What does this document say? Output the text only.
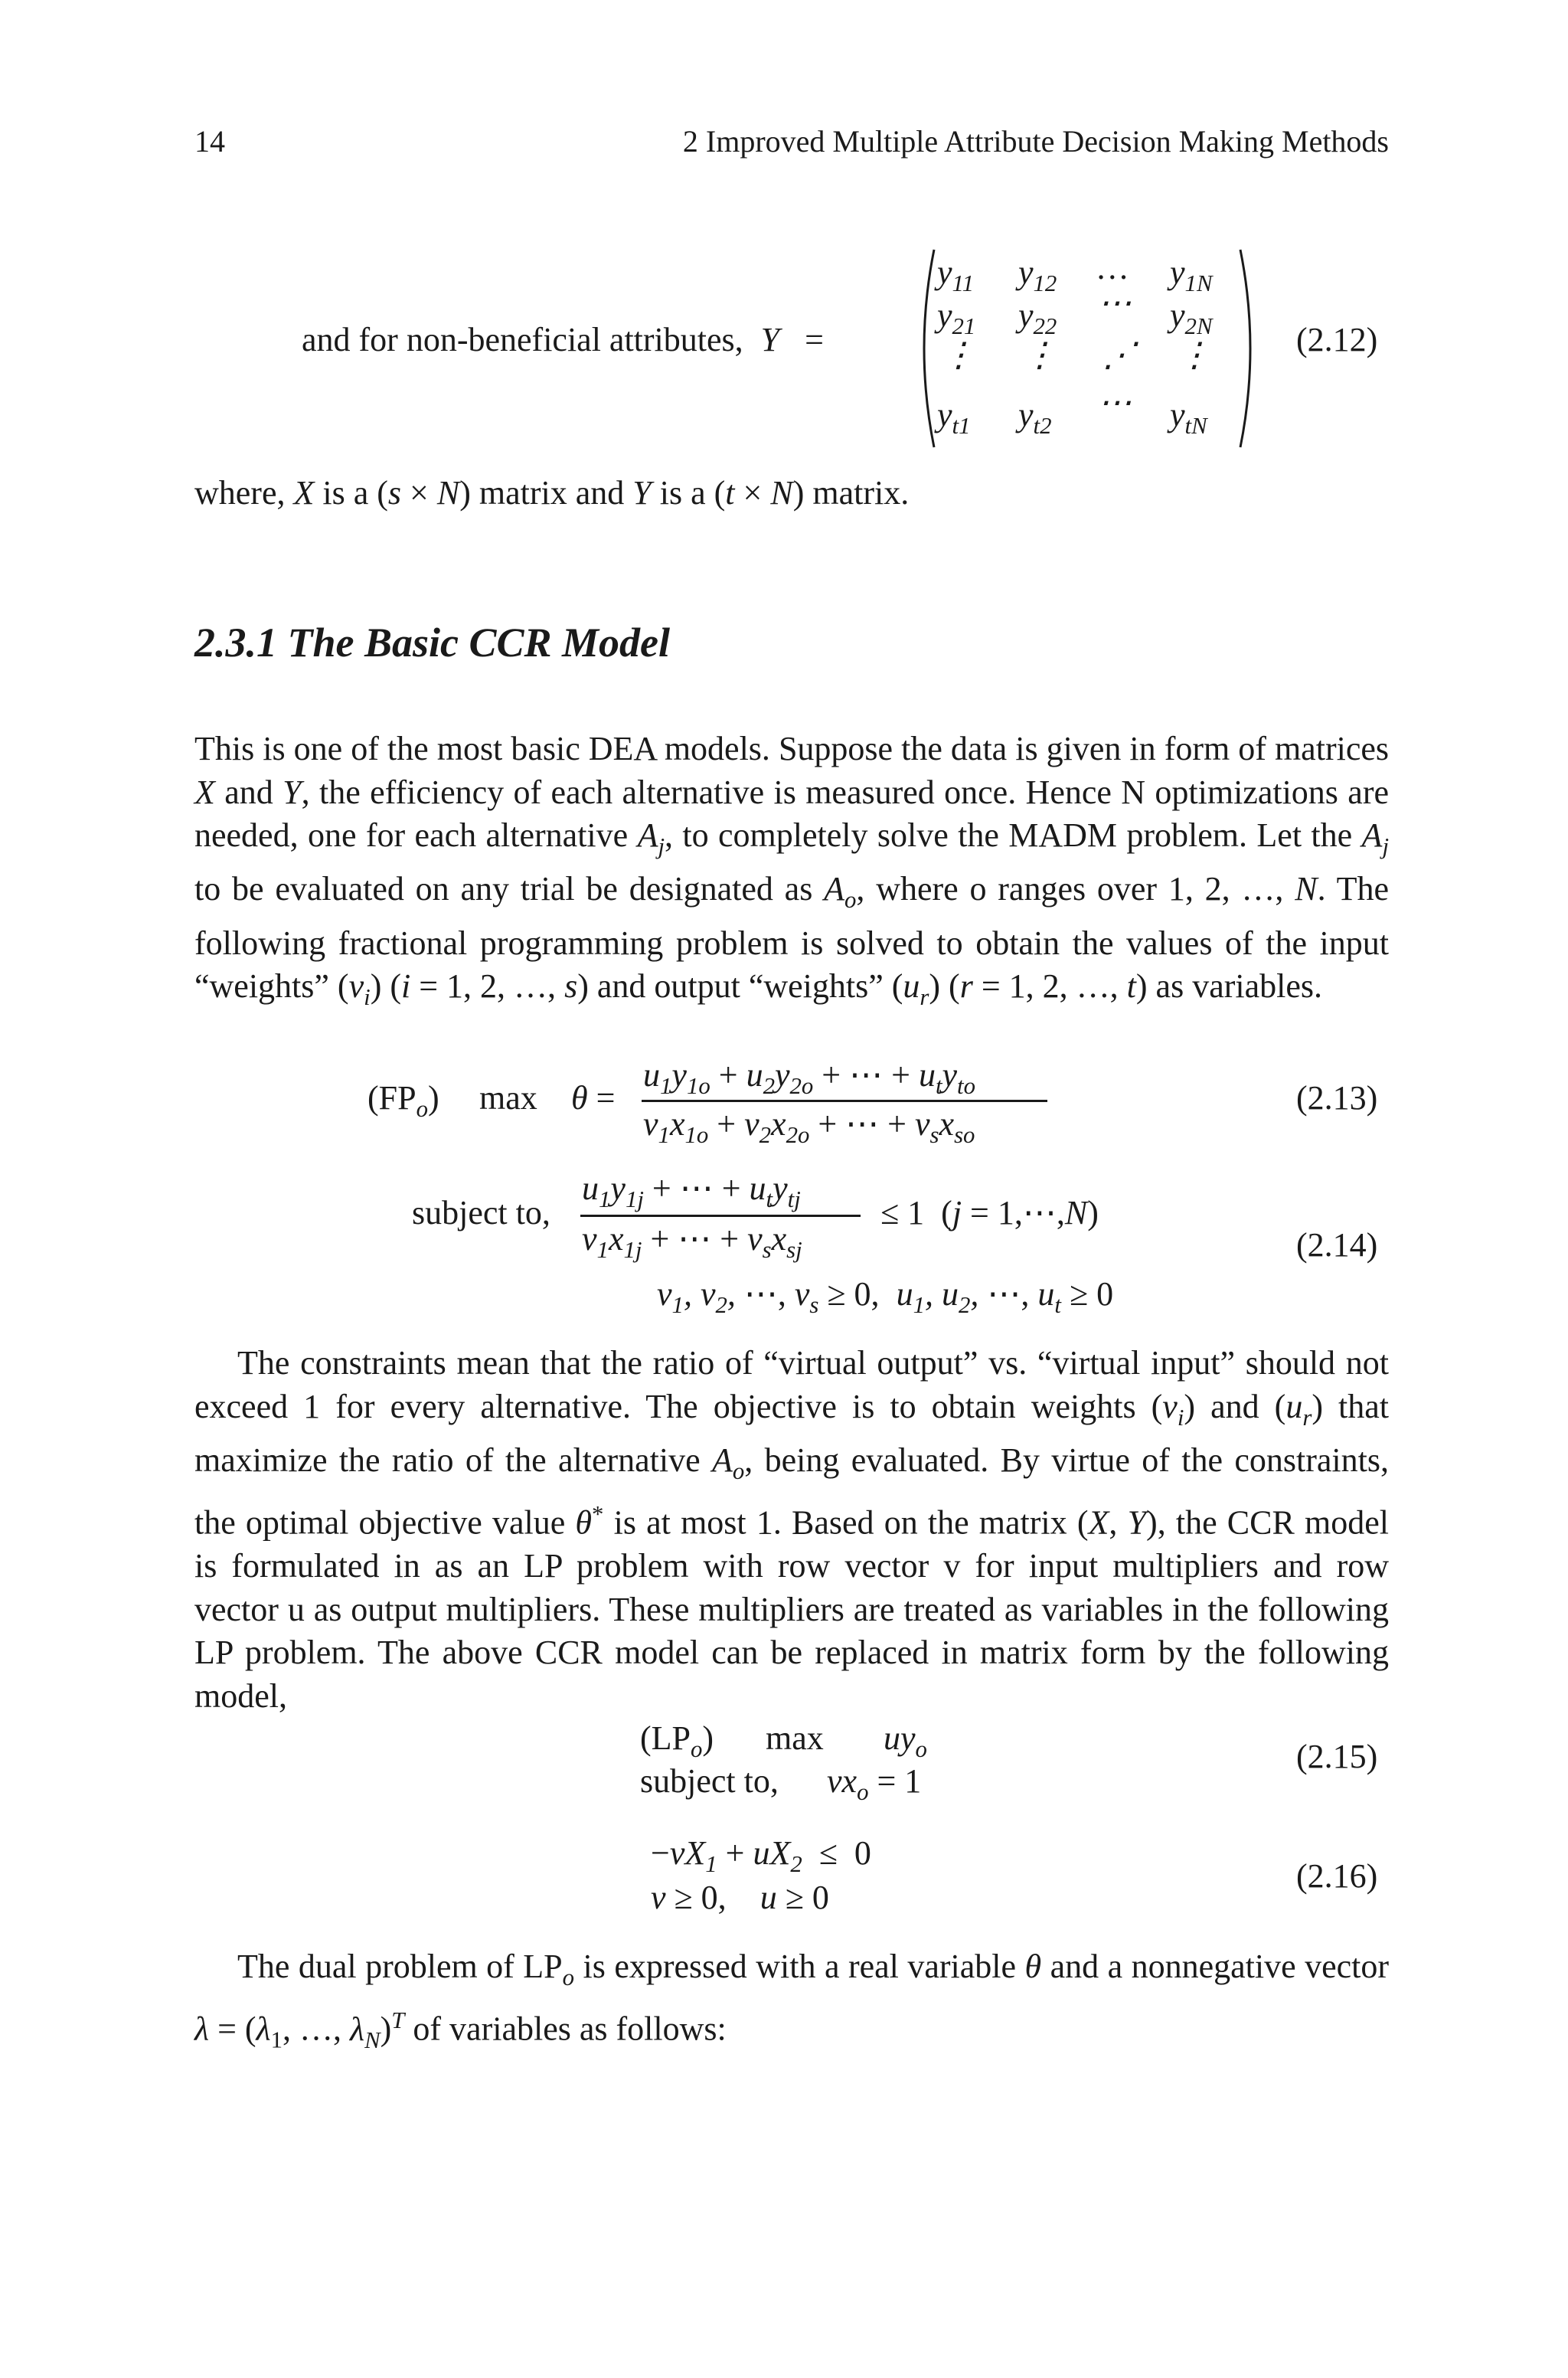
14	2 Improved Multiple Attribute Decision Making Methods
and for non-beneficial attributes, Y =
$y_{11}$ $y_{12}$ … $y_{1N}$
$y_{21}$ $y_{22}$
⋯ $y_{2N}$
⋮ ⋮ ⋰ ⋮
$y_{t1}$ $y_{t2}$
⋯ $y_{tN}$
(2.12)

where, X is a (s × N) matrix and Y is a (t × N) matrix.

2.3.1 The Basic CCR Model

This is one of the most basic DEA models. Suppose the data is given in form of matrices X and Y, the efficiency of each alternative is measured once. Hence N optimizations are needed, one for each alternative $A_j$, to completely solve the MADM problem. Let the $A_j$ to be evaluated on any trial be designated as $A_o$, where o ranges over 1, 2, …, N. The following fractional programming problem is solved to obtain the values of the input “weights” $(v_i) (i = 1$, 2, …, s) and output “weights” $(u_r) (r = 1$, 2, …, t) as variables.

$(FP_o)$ max θ =
$u_1y_{1o} + u_2y_{2o}$ + ⋯ + $u_ty_{to}$
$v_1x_{1o} + v_2x_{2o}$ + ⋯ + $v_sx_{so}$
(2.13)
subject to,
$u_1y_{1j}$ + ⋯ + $u_ty_{tj}$
$v_1x_{1j}$ + ⋯ + $v_sx_{sj}$
≤ 1  (j = 1,⋯,N)
$v_1$, $v_2$, ⋯, $v_s \ge 0$,  $u_1$, $u_2$, ⋯, $u_t \ge 0$
(2.14)

The constraints mean that the ratio of “virtual output” vs. “virtual input” should not exceed 1 for every alternative. The objective is to obtain weights $(v_i)$ and $(u_r)$ that maximize the ratio of the alternative $A_o$, being evaluated. By virtue of the constraints, the optimal objective value θ* is at most 1. Based on the matrix (X, Y), the CCR model is formulated in as an LP problem with row vector v for input multipliers and row vector u as output multipliers. These multipliers are treated as variables in the following LP problem. The above CCR model can be replaced in matrix form by the following model,

$(LP_o)$ $\max uy_o$
subject to, $vx_o = 1$
(2.15)
$-vX_1 + uX_2 \le 0$
v ≥ 0,    u ≥ 0
(2.16)

The dual problem of $LP_o$ is expressed with a real variable θ and a nonnegative vector $\lambda = (\lambda_1$, …, $\lambda_N)^T$ of variables as follows:
